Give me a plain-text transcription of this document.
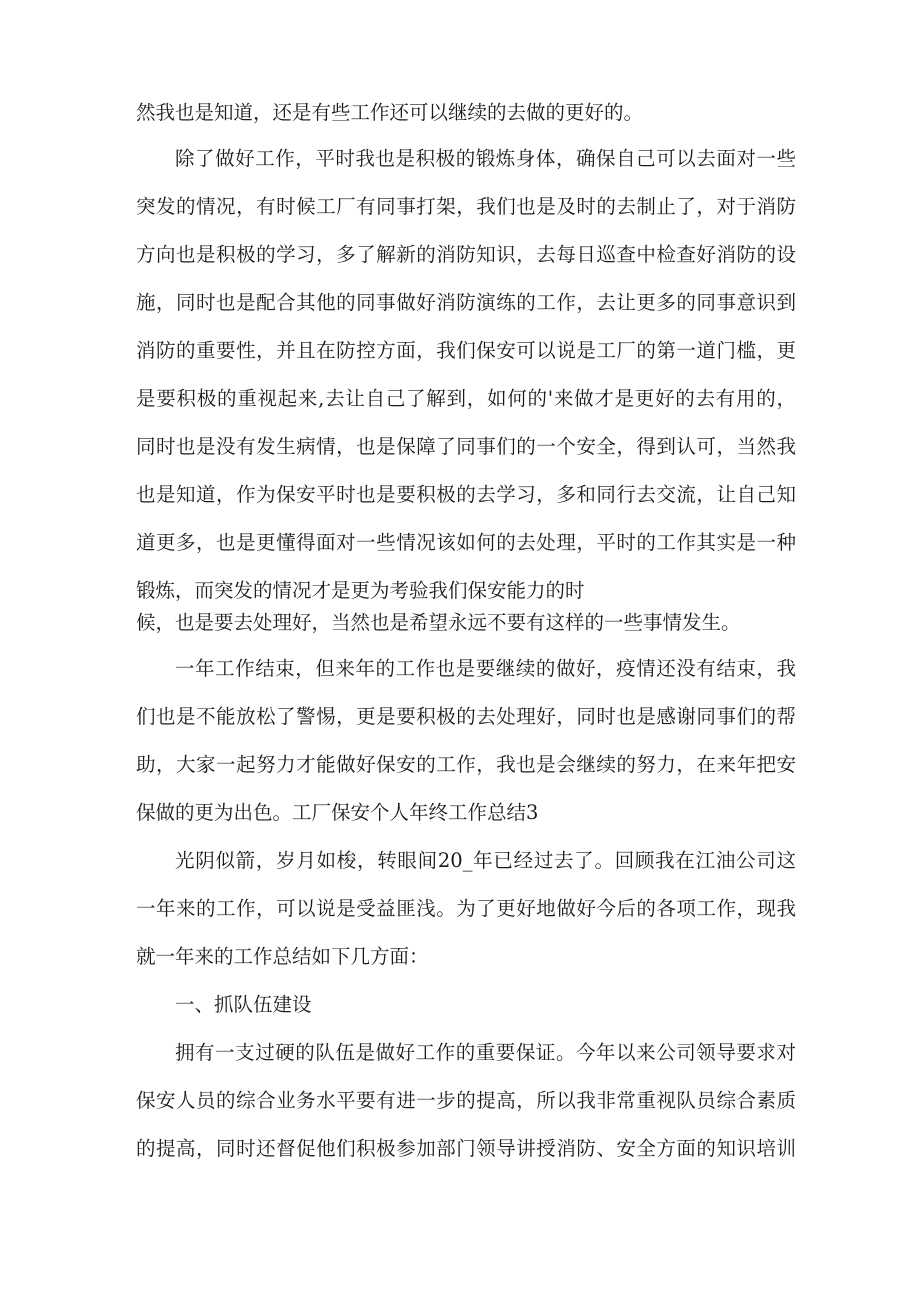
然我也是知道，还是有些工作还可以继续的去做的更好的。

除了做好工作，平时我也是积极的锻炼身体，确保自己可以去面对一些

突发的情况，有时候工厂有同事打架，我们也是及时的去制止了，对于消防

方向也是积极的学习，多了解新的消防知识，去每日巡查中检查好消防的设

施，同时也是配合其他的同事做好消防演练的工作，去让更多的同事意识到

消防的重要性，并且在防控方面，我们保安可以说是工厂的第一道门槛，更

是要积极的重视起来,去让自己了解到，如何的'来做才是更好的去有用的，

同时也是没有发生病情，也是保障了同事们的一个安全，得到认可，当然我

也是知道，作为保安平时也是要积极的去学习，多和同行去交流，让自己知

道更多，也是更懂得面对一些情况该如何的去处理，平时的工作其实是一种

锻炼，而突发的情况才是更为考验我们保安能力的时

候，也是要去处理好，当然也是希望永远不要有这样的一些事情发生。

一年工作结束，但来年的工作也是要继续的做好，疫情还没有结束，我

们也是不能放松了警惕，更是要积极的去处理好，同时也是感谢同事们的帮

助，大家一起努力才能做好保安的工作，我也是会继续的努力，在来年把安

保做的更为出色。工厂保安个人年终工作总结3

光阴似箭，岁月如梭，转眼间20_年已经过去了。回顾我在江油公司这

一年来的工作，可以说是受益匪浅。为了更好地做好今后的各项工作，现我

就一年来的工作总结如下几方面：

一、抓队伍建设

拥有一支过硬的队伍是做好工作的重要保证。今年以来公司领导要求对

保安人员的综合业务水平要有进一步的提高，所以我非常重视队员综合素质

的提高，同时还督促他们积极参加部门领导讲授消防、安全方面的知识培训
